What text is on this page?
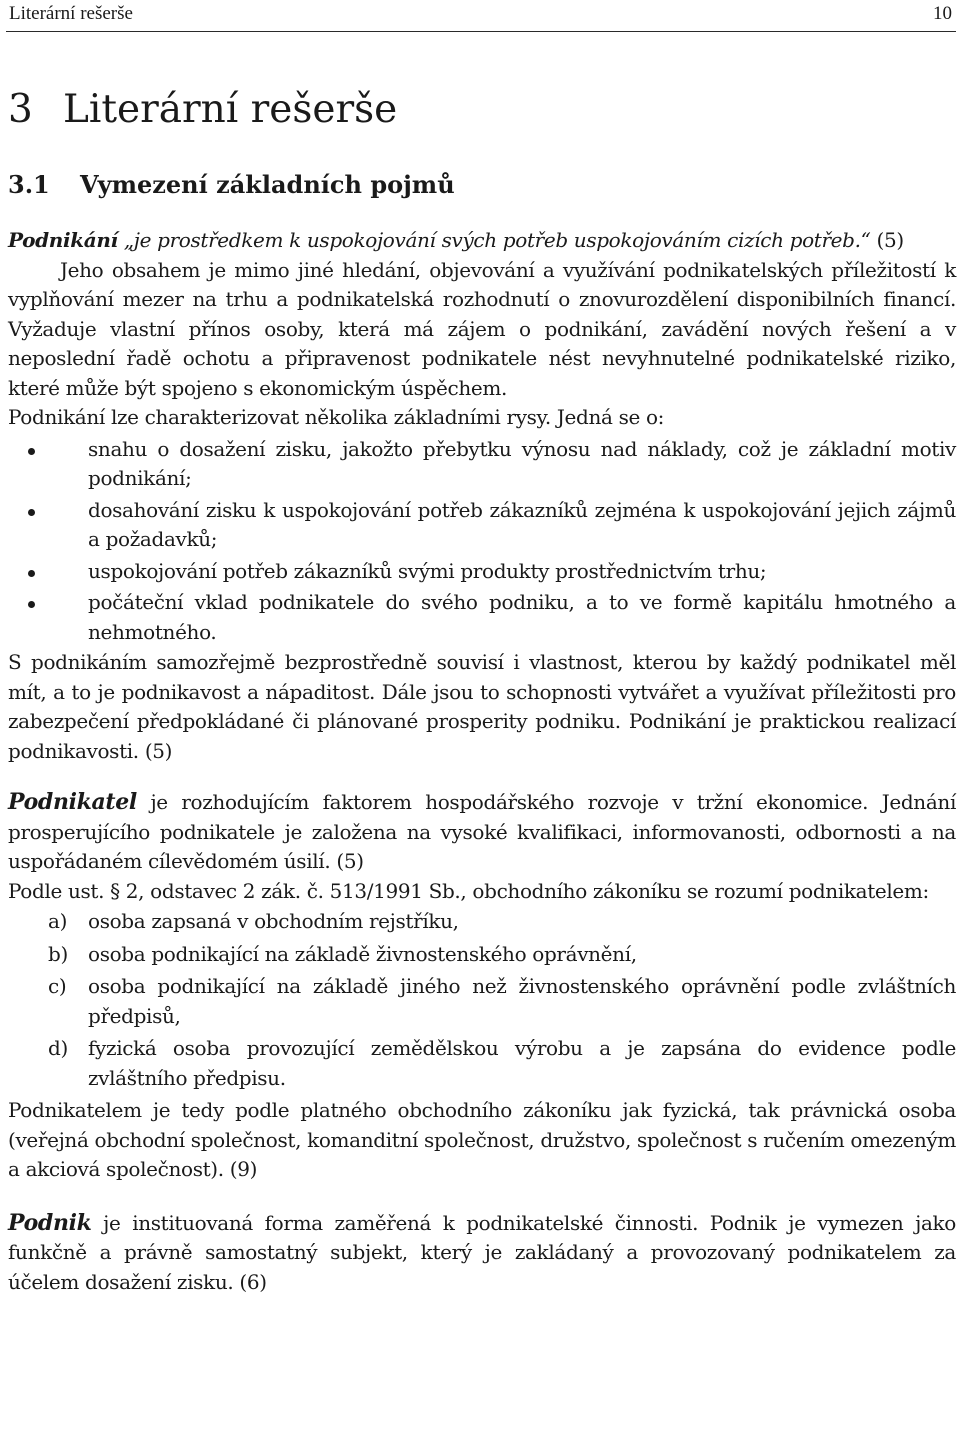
Literární rešerše	10
3 Literární rešerše
3.1 Vymezení základních pojmů

Podnikání „je prostředkem k uspokojování svých potřeb uspokojováním cizích potřeb.“ (5)

Jeho obsahem je mimo jiné hledání, objevování a využívání podnikatelských příležitostí k vyplňování mezer na trhu a podnikatelská rozhodnutí o znovurozdělení disponibilních financí. Vyžaduje vlastní přínos osoby, která má zájem o podnikání, zavádění nových řešení a v neposlední řadě ochotu a připravenost podnikatele nést nevyhnutelné podnikatelské riziko, které může být spojeno s ekonomickým úspěchem.

Podnikání lze charakterizovat několika základními rysy. Jedná se o:

snahu o dosažení zisku, jakožto přebytku výnosu nad náklady, což je základní motiv podnikání;
dosahování zisku k uspokojování potřeb zákazníků zejména k uspokojování jejich zájmů a požadavků;
uspokojování potřeb zákazníků svými produkty prostřednictvím trhu;
počáteční vklad podnikatele do svého podniku, a to ve formě kapitálu hmotného a nehmotného.

S podnikáním samozřejmě bezprostředně souvisí i vlastnost, kterou by každý podnikatel měl mít, a to je podnikavost a nápaditost. Dále jsou to schopnosti vytvářet a využívat příležitosti pro zabezpečení předpokládané či plánované prosperity podniku. Podnikání je praktickou realizací podnikavosti. (5)

Podnikatel je rozhodujícím faktorem hospodářského rozvoje v tržní ekonomice. Jednání prosperujícího podnikatele je založena na vysoké kvalifikaci, informovanosti, odbornosti a na uspořádaném cílevědomém úsilí. (5)

Podle ust. § 2, odstavec 2 zák. č. 513/1991 Sb., obchodního zákoníku se rozumí podnikatelem:

a) osoba zapsaná v obchodním rejstříku,
b) osoba podnikající na základě živnostenského oprávnění,
c) osoba podnikající na základě jiného než živnostenského oprávnění podle zvláštních předpisů,
d) fyzická osoba provozující zemědělskou výrobu a je zapsána do evidence podle zvláštního předpisu.

Podnikatelem je tedy podle platného obchodního zákoníku jak fyzická, tak právnická osoba (veřejná obchodní společnost, komanditní společnost, družstvo, společnost s ručením omezeným a akciová společnost). (9)

Podnik je instituovaná forma zaměřená k podnikatelské činnosti. Podnik je vymezen jako funkčně a právně samostatný subjekt, který je zakládaný a provozovaný podnikatelem za účelem dosažení zisku. (6)
